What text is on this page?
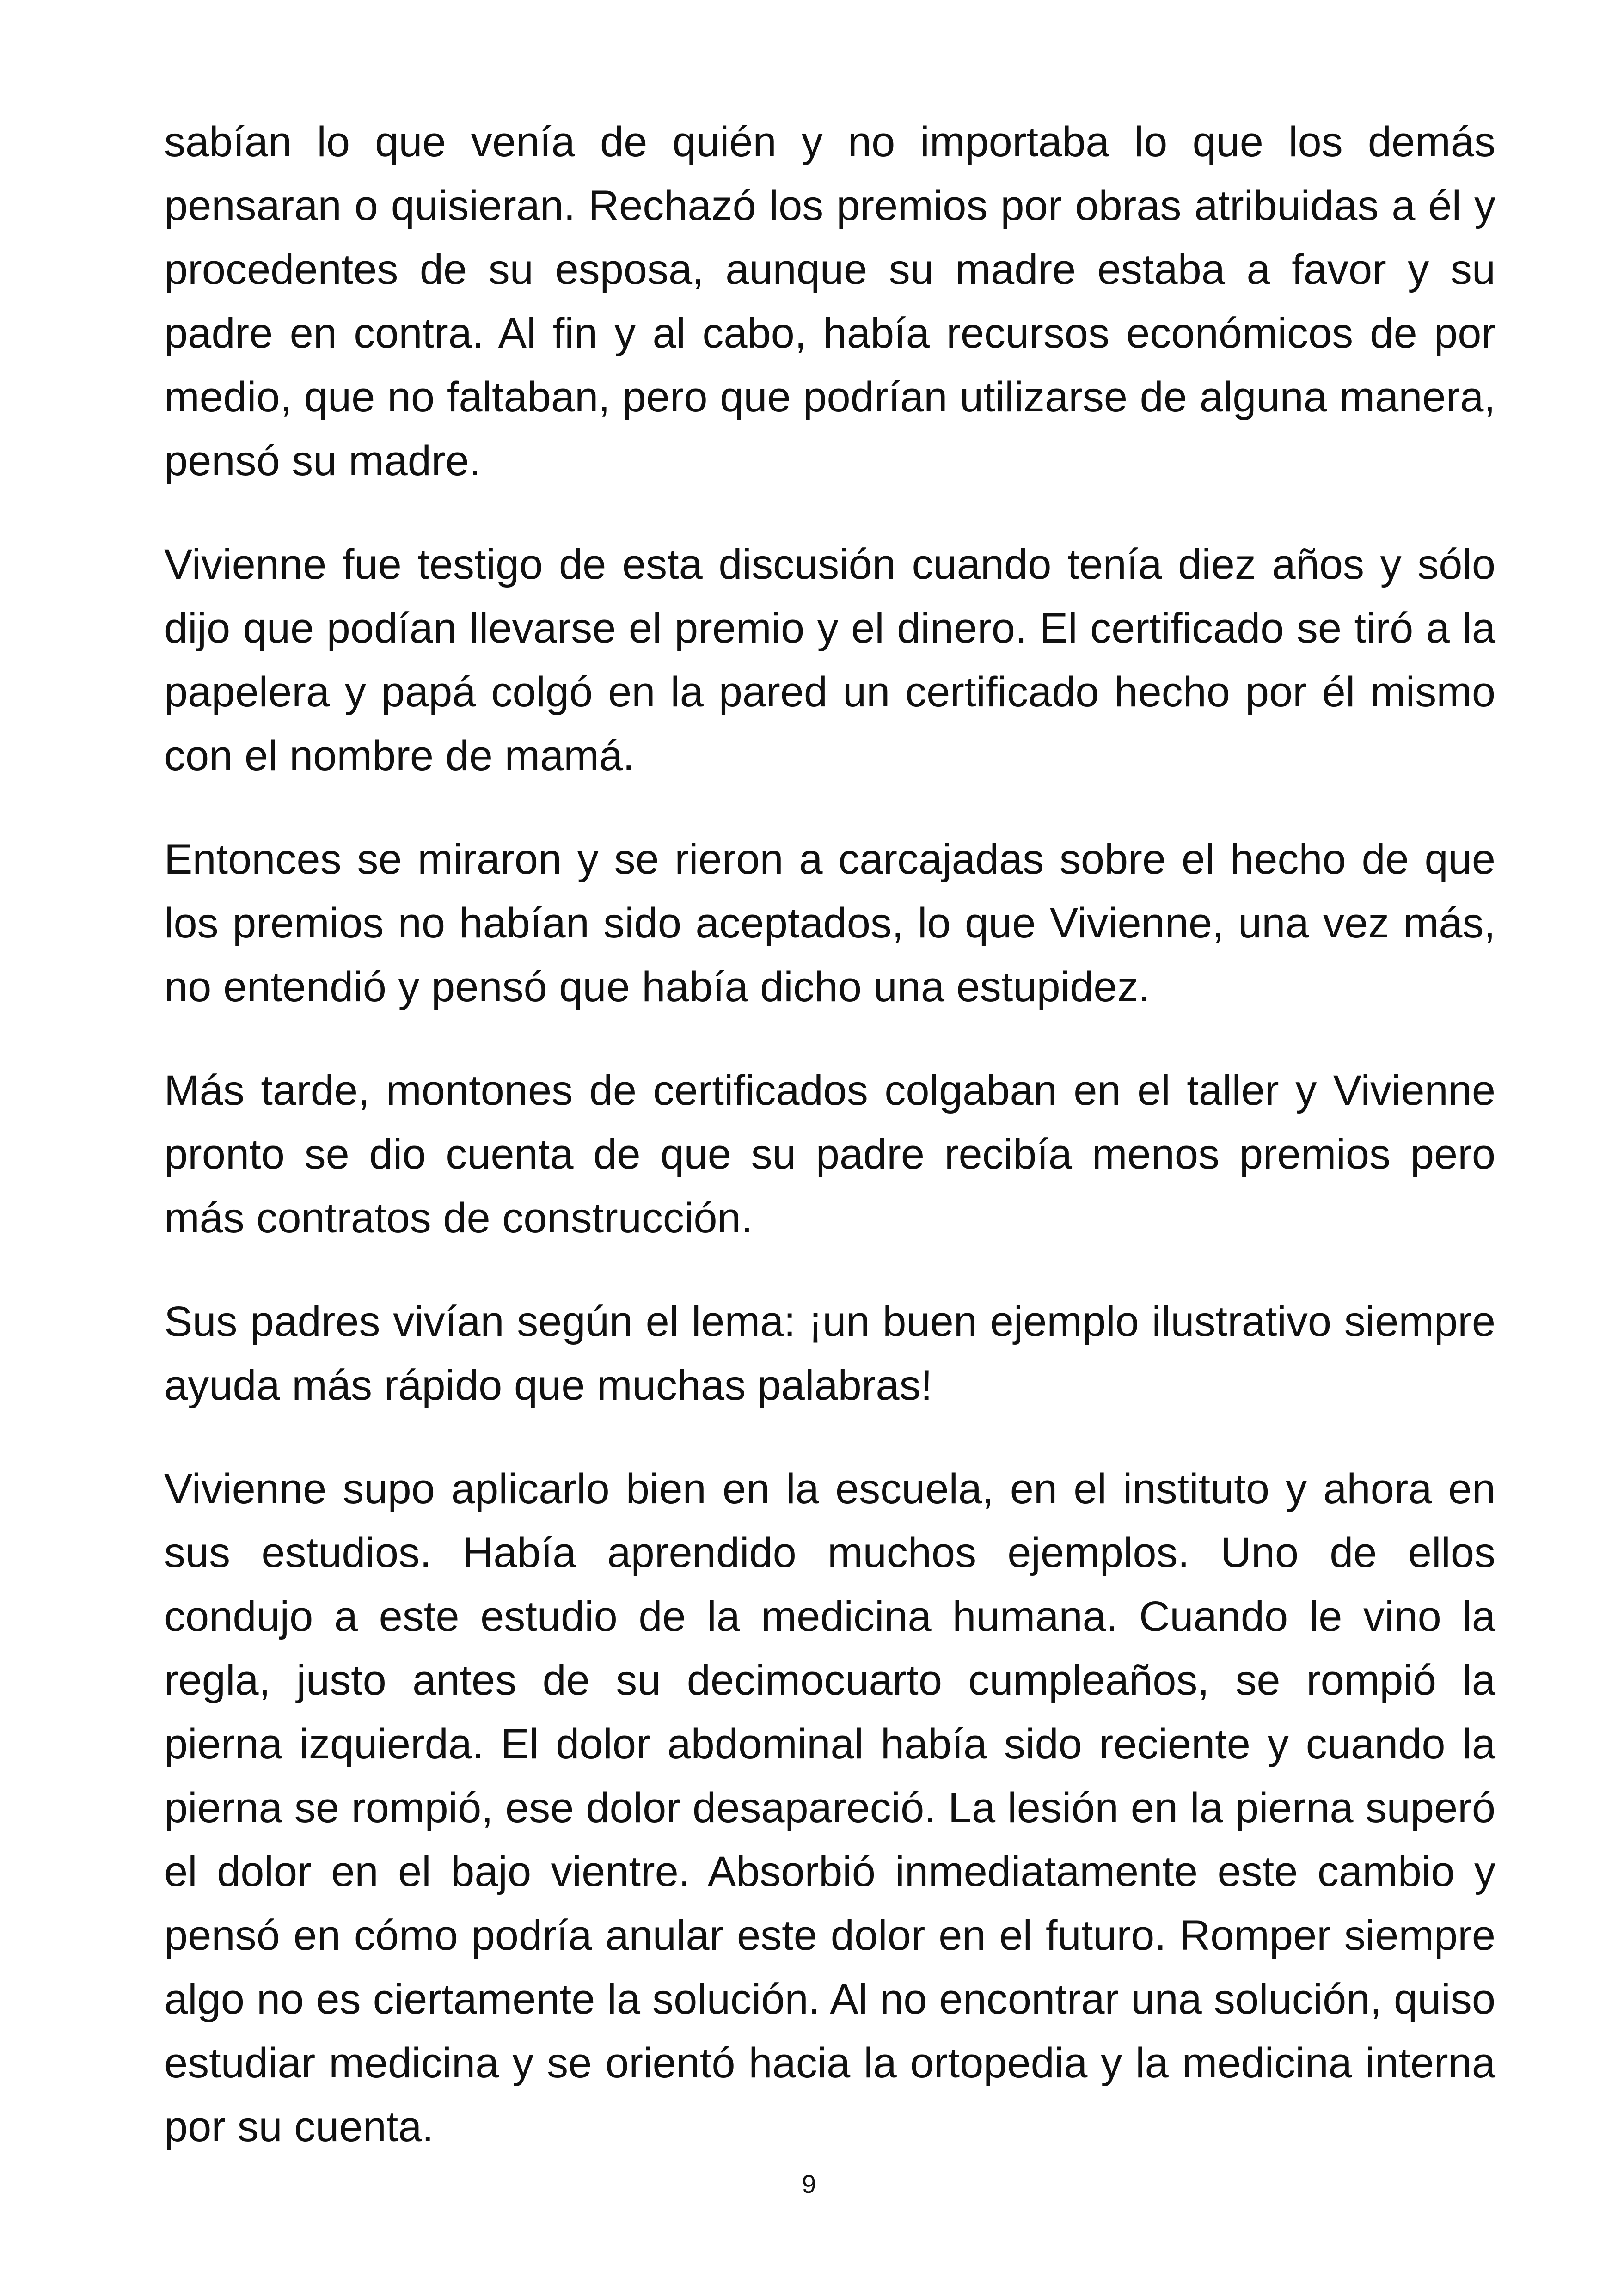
sabían lo que venía de quién y no importaba lo que los demás pensaran o quisieran. Rechazó los premios por obras atribuidas a él y procedentes de su esposa, aunque su madre estaba a favor y su padre en contra. Al fin y al cabo, había recursos económicos de por medio, que no faltaban, pero que podrían utilizarse de alguna manera, pensó su madre.

Vivienne fue testigo de esta discusión cuando tenía diez años y sólo dijo que podían llevarse el premio y el dinero. El certificado se tiró a la papelera y papá colgó en la pared un certificado hecho por él mismo con el nombre de mamá.

Entonces se miraron y se rieron a carcajadas sobre el hecho de que los premios no habían sido aceptados, lo que Vivienne, una vez más, no entendió y pensó que había dicho una estupidez.

Más tarde, montones de certificados colgaban en el taller y Vivienne pronto se dio cuenta de que su padre recibía menos premios pero más contratos de construcción.

Sus padres vivían según el lema: ¡un buen ejemplo ilustrativo siempre ayuda más rápido que muchas palabras!

Vivienne supo aplicarlo bien en la escuela, en el instituto y ahora en sus estudios. Había aprendido muchos ejemplos. Uno de ellos condujo a este estudio de la medicina humana. Cuando le vino la regla, justo antes de su decimocuarto cumpleaños, se rompió la pierna izquierda. El dolor abdominal había sido reciente y cuando la pierna se rompió, ese dolor desapareció. La lesión en la pierna superó el dolor en el bajo vientre. Absorbió inmediatamente este cambio y pensó en cómo podría anular este dolor en el futuro. Romper siempre algo no es ciertamente la solución. Al no encontrar una solución, quiso estudiar medicina y se orientó hacia la ortopedia y la medicina interna por su cuenta.

9
